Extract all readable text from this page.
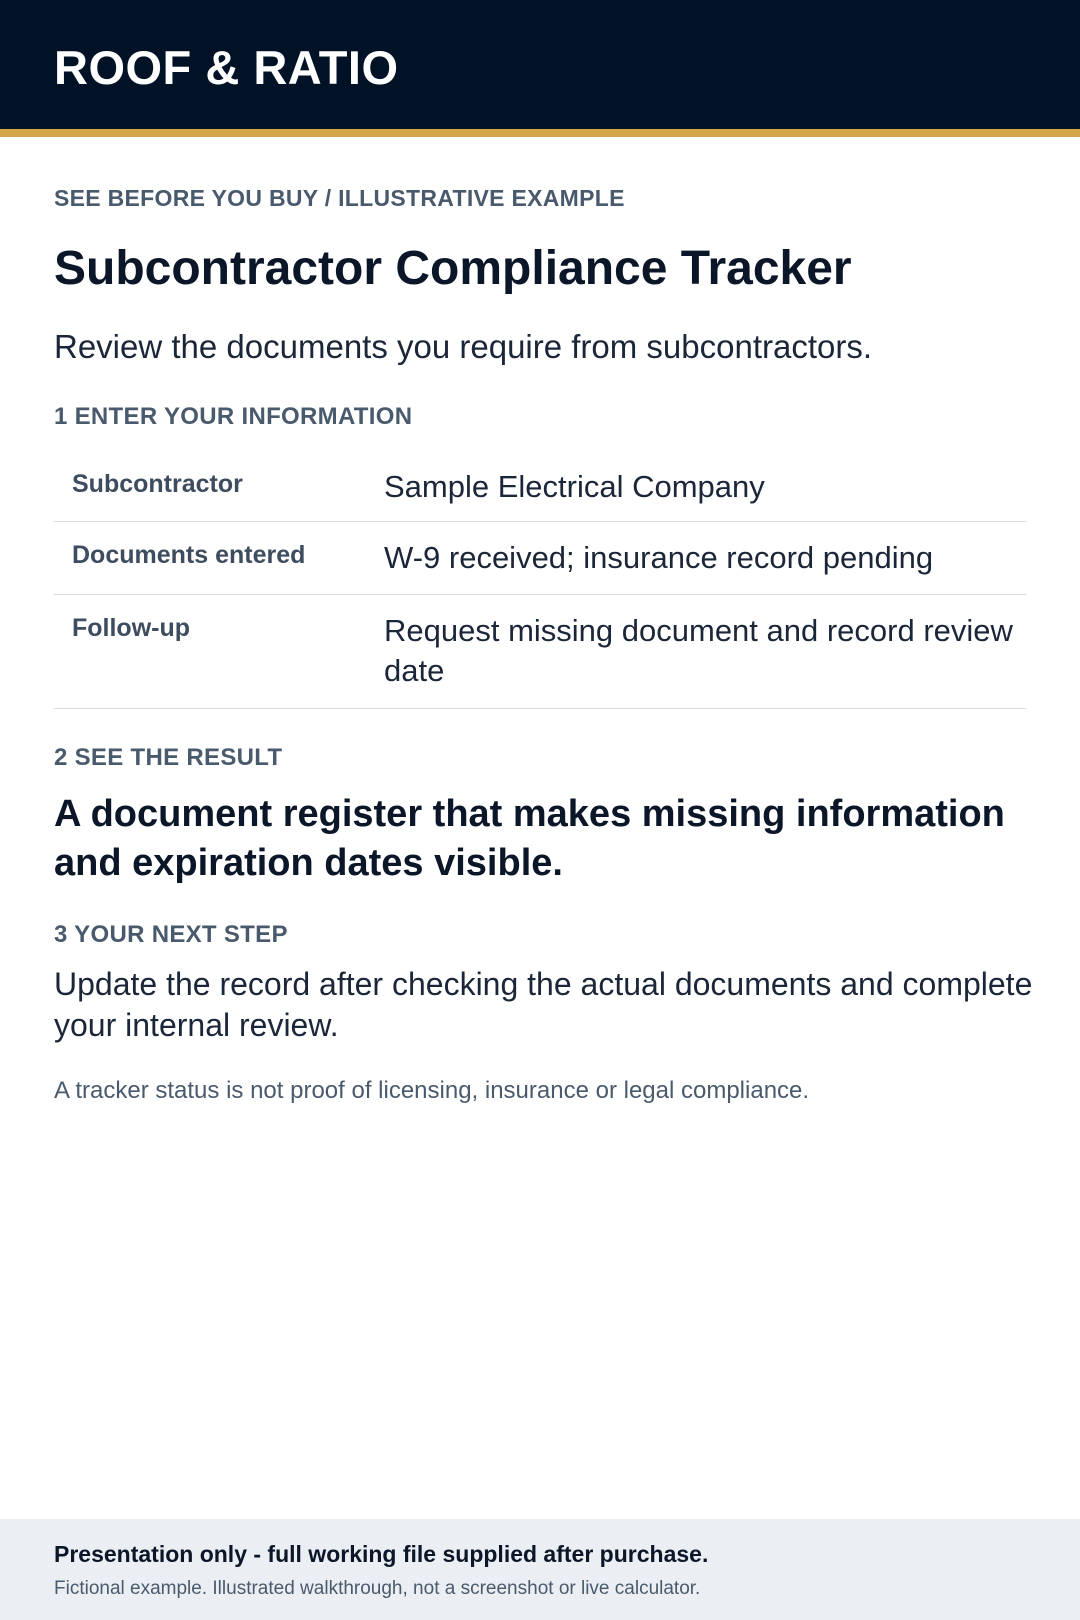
ROOF & RATIO
SEE BEFORE YOU BUY / ILLUSTRATIVE EXAMPLE
Subcontractor Compliance Tracker
Review the documents you require from subcontractors.
1 ENTER YOUR INFORMATION
Subcontractor	Sample Electrical Company
Documents entered	W-9 received; insurance record pending
Follow-up	Request missing document and record review date
2 SEE THE RESULT
A document register that makes missing information and expiration dates visible.
3 YOUR NEXT STEP
Update the record after checking the actual documents and complete your internal review.
A tracker status is not proof of licensing, insurance or legal compliance.
Presentation only - full working file supplied after purchase.
Fictional example. Illustrated walkthrough, not a screenshot or live calculator.
